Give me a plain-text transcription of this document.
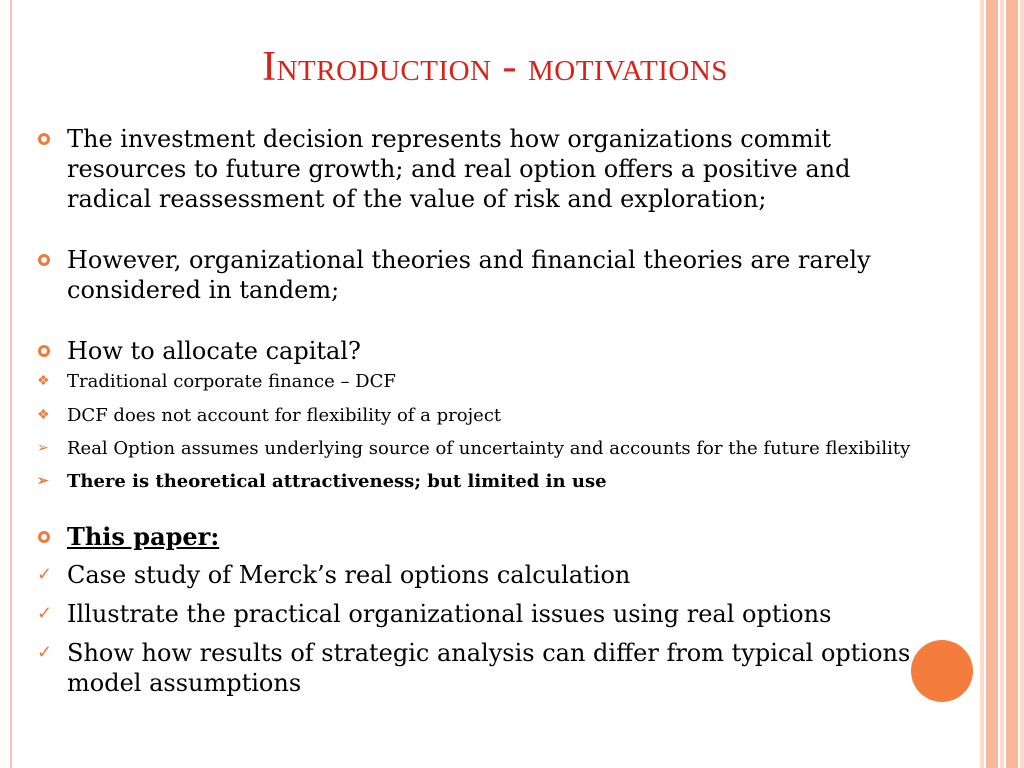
Introduction - motivations
The investment decision represents how organizations commit resources to future growth; and real option offers a positive and radical reassessment of the value of risk and exploration;
However, organizational theories and financial theories are rarely considered in tandem;
How to allocate capital?
❖ Traditional corporate finance – DCF
❖ DCF does not account for flexibility of a project
➢ Real Option assumes underlying source of uncertainty and accounts for the future flexibility
➢ There is theoretical attractiveness; but limited in use
This paper:
✓ Case study of Merck’s real options calculation
✓ Illustrate the practical organizational issues using real options
✓ Show how results of strategic analysis can differ from typical options model assumptions
